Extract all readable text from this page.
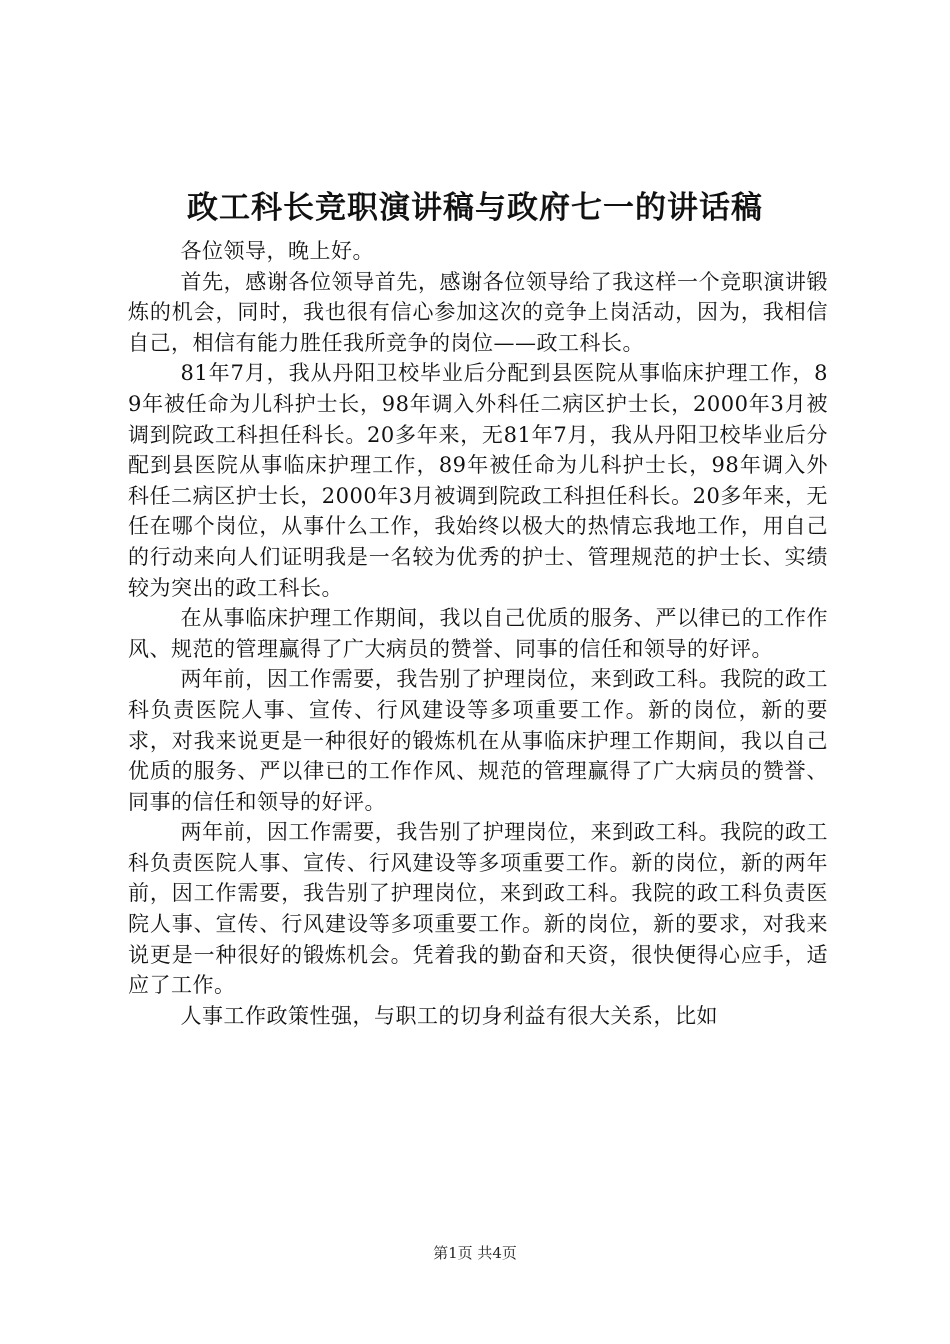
政工科长竞职演讲稿与政府七一的讲话稿

各位领导，晚上好。

首先，感谢各位领导首先，感谢各位领导给了我这样一个竞职演讲锻炼的机会，同时，我也很有信心参加这次的竞争上岗活动，因为，我相信自己，相信有能力胜任我所竞争的岗位——政工科长。

81年7月，我从丹阳卫校毕业后分配到县医院从事临床护理工作，89年被任命为儿科护士长，98年调入外科任二病区护士长，2000年3月被调到院政工科担任科长。20多年来，无81年7月，我从丹阳卫校毕业后分配到县医院从事临床护理工作，89年被任命为儿科护士长，98年调入外科任二病区护士长，2000年3月被调到院政工科担任科长。20多年来，无任在哪个岗位，从事什么工作，我始终以极大的热情忘我地工作，用自己的行动来向人们证明我是一名较为优秀的护士、管理规范的护士长、实绩较为突出的政工科长。

在从事临床护理工作期间，我以自己优质的服务、严以律已的工作作风、规范的管理赢得了广大病员的赞誉、同事的信任和领导的好评。

两年前，因工作需要，我告别了护理岗位，来到政工科。我院的政工科负责医院人事、宣传、行风建设等多项重要工作。新的岗位，新的要求，对我来说更是一种很好的锻炼机在从事临床护理工作期间，我以自己优质的服务、严以律已的工作作风、规范的管理赢得了广大病员的赞誉、同事的信任和领导的好评。

两年前，因工作需要，我告别了护理岗位，来到政工科。我院的政工科负责医院人事、宣传、行风建设等多项重要工作。新的岗位，新的两年前，因工作需要，我告别了护理岗位，来到政工科。我院的政工科负责医院人事、宣传、行风建设等多项重要工作。新的岗位，新的要求，对我来说更是一种很好的锻炼机会。凭着我的勤奋和天资，很快便得心应手，适应了工作。

人事工作政策性强，与职工的切身利益有很大关系，比如

第1页 共4页
